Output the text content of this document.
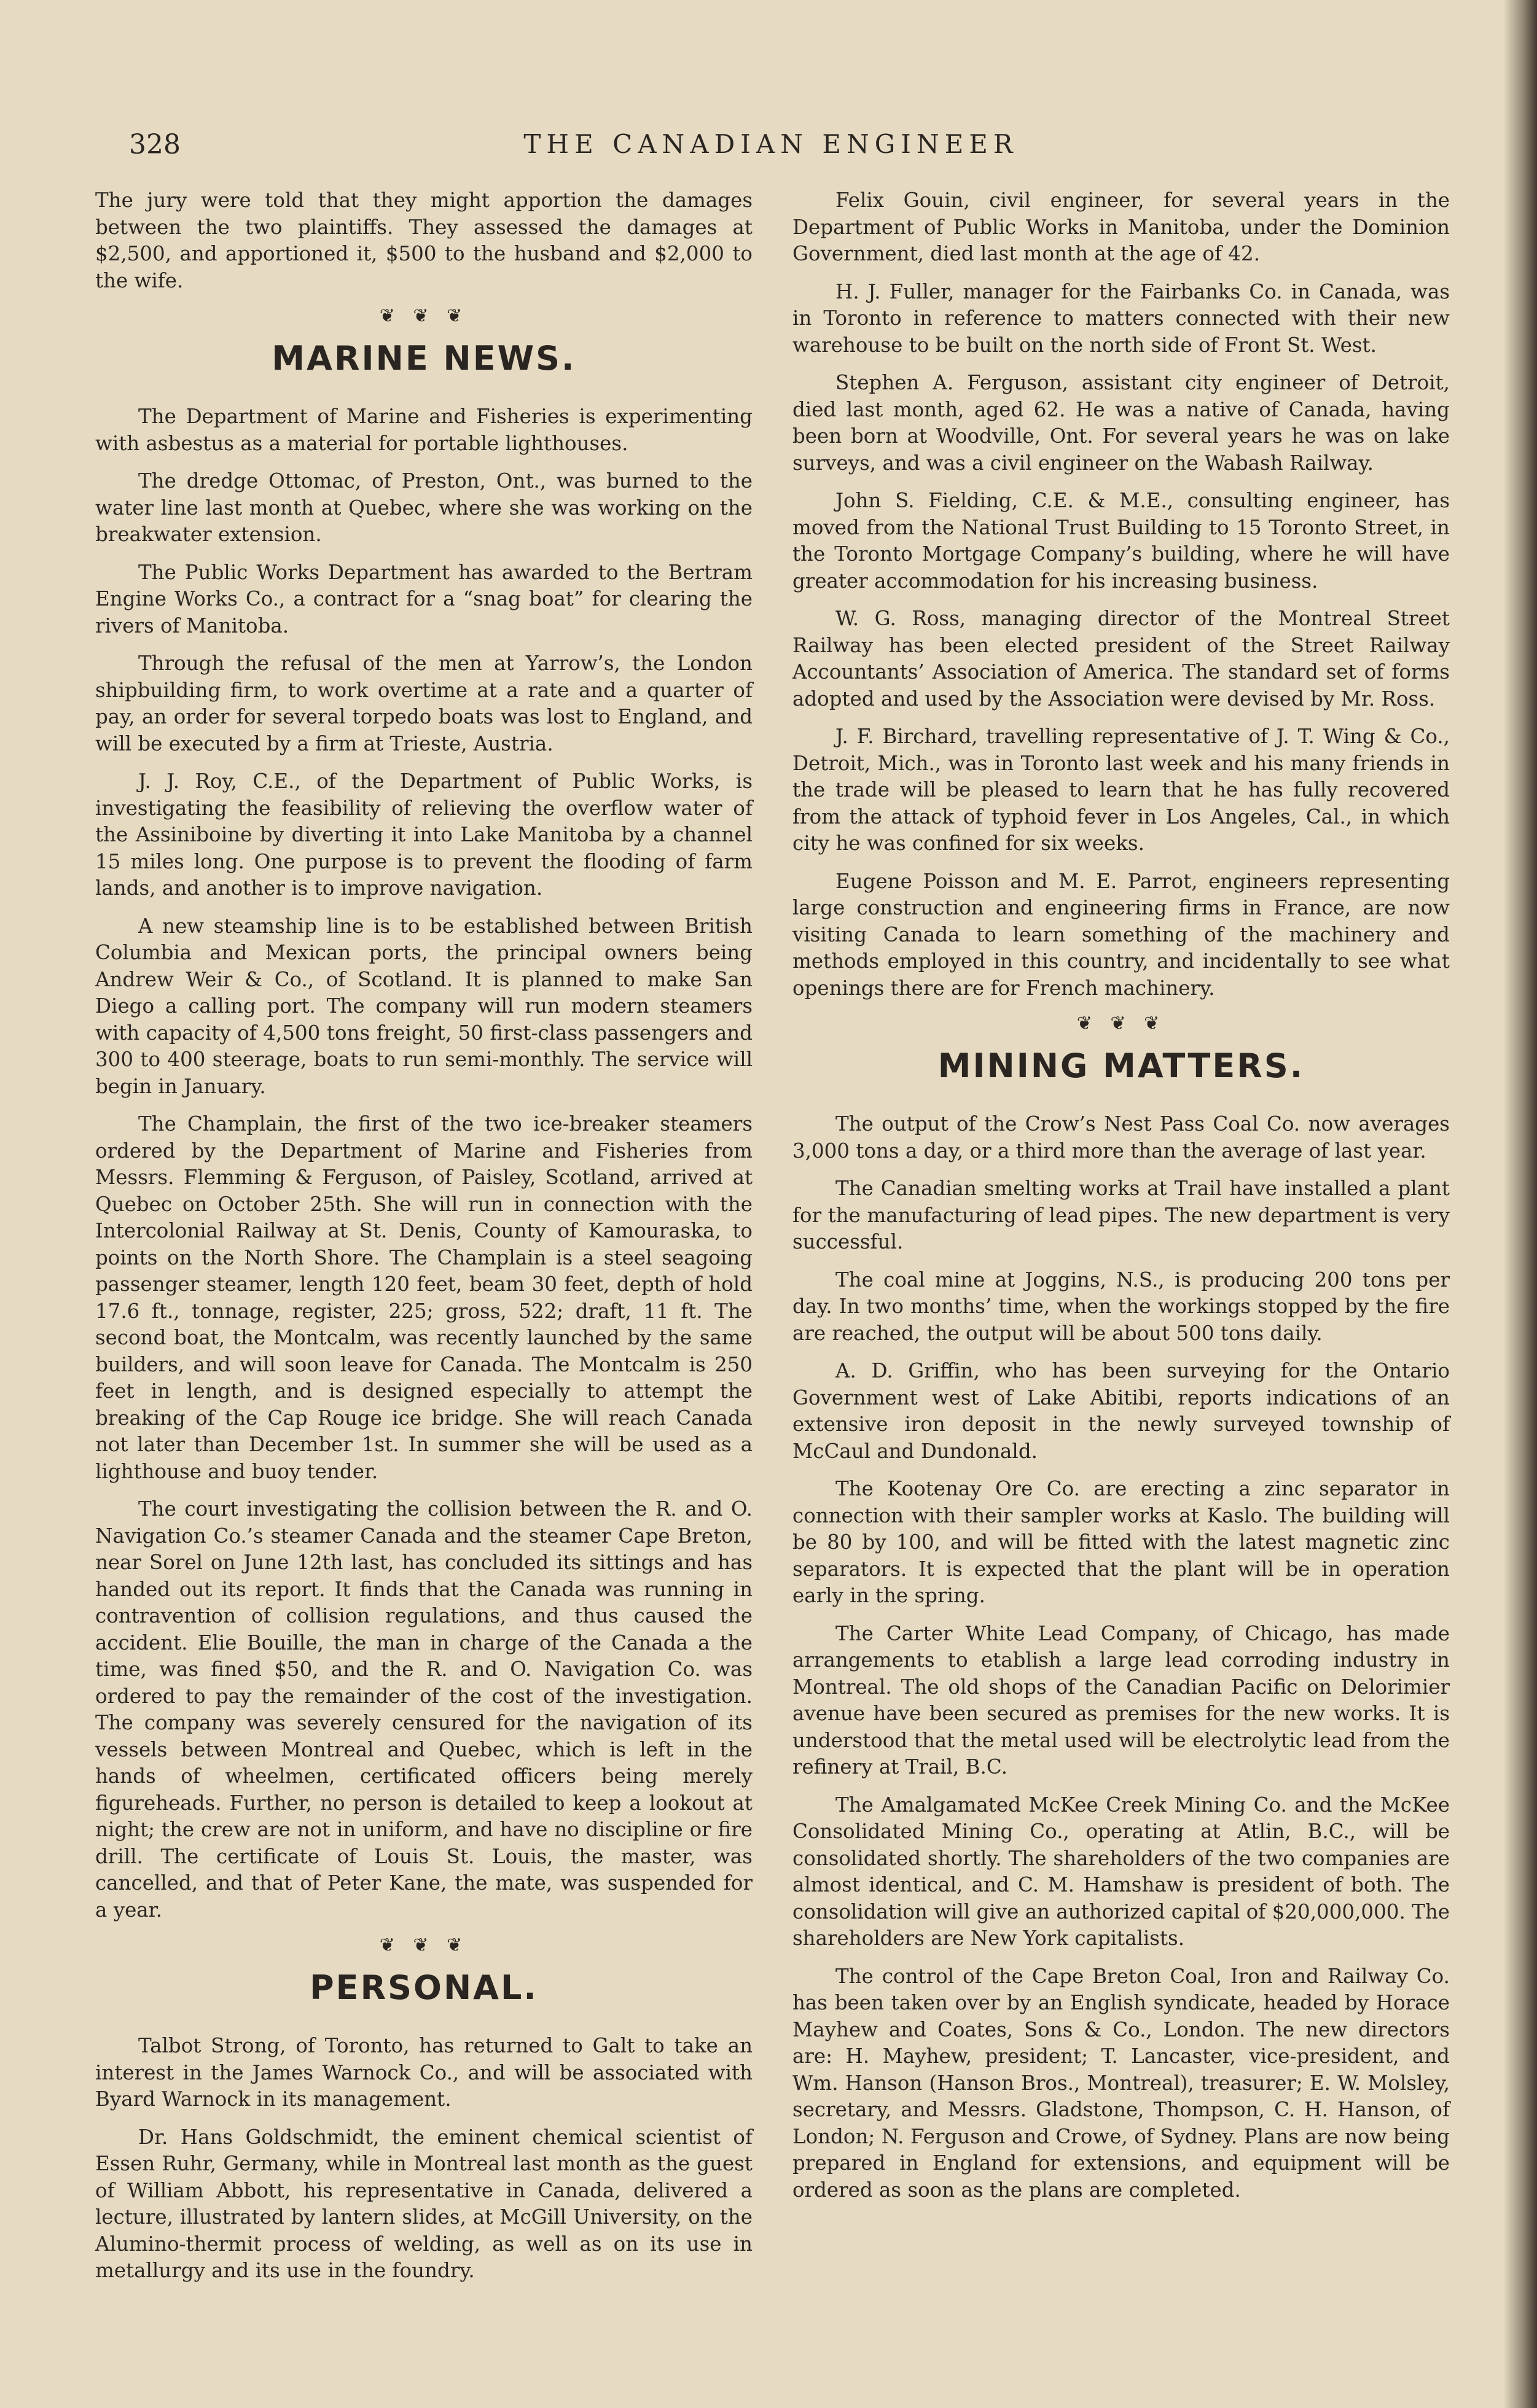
328	THE CANADIAN ENGINEER

The jury were told that they might apportion the damages between the two plaintiffs. They assessed the damages at $2,500, and apportioned it, $500 to the husband and $2,000 to the wife.

❦ ❦ ❦
MARINE NEWS.

The Department of Marine and Fisheries is experimenting with asbestus as a material for portable lighthouses.

The dredge Ottomac, of Preston, Ont., was burned to the water line last month at Quebec, where she was working on the breakwater extension.

The Public Works Department has awarded to the Bertram Engine Works Co., a contract for a “snag boat” for clearing the rivers of Manitoba.

Through the refusal of the men at Yarrow’s, the London shipbuilding firm, to work overtime at a rate and a quarter of pay, an order for several torpedo boats was lost to England, and will be executed by a firm at Trieste, Austria.

J. J. Roy, C.E., of the Department of Public Works, is investigating the feasibility of relieving the overflow water of the Assiniboine by diverting it into Lake Manitoba by a channel 15 miles long. One purpose is to prevent the flooding of farm lands, and another is to improve navigation.

A new steamship line is to be established between British Columbia and Mexican ports, the principal owners being Andrew Weir & Co., of Scotland. It is planned to make San Diego a calling port. The company will run modern steamers with capacity of 4,500 tons freight, 50 first-class passengers and 300 to 400 steerage, boats to run semi-monthly. The service will begin in January.

The Champlain, the first of the two ice-breaker steamers ordered by the Department of Marine and Fisheries from Messrs. Flemming & Ferguson, of Paisley, Scotland, arrived at Quebec on October 25th. She will run in connection with the Intercolonial Railway at St. Denis, County of Kamouraska, to points on the North Shore. The Champlain is a steel seagoing passenger steamer, length 120 feet, beam 30 feet, depth of hold 17.6 ft., tonnage, register, 225; gross, 522; draft, 11 ft. The second boat, the Montcalm, was recently launched by the same builders, and will soon leave for Canada. The Montcalm is 250 feet in length, and is designed especially to attempt the breaking of the Cap Rouge ice bridge. She will reach Canada not later than December 1st. In summer she will be used as a lighthouse and buoy tender.

The court investigating the collision between the R. and O. Navigation Co.’s steamer Canada and the steamer Cape Breton, near Sorel on June 12th last, has concluded its sittings and has handed out its report. It finds that the Canada was running in contravention of collision regulations, and thus caused the accident. Elie Bouille, the man in charge of the Canada a the time, was fined $50, and the R. and O. Navigation Co. was ordered to pay the remainder of the cost of the investigation. The company was severely censured for the navigation of its vessels between Montreal and Quebec, which is left in the hands of wheelmen, certificated officers being merely figureheads. Further, no person is detailed to keep a lookout at night; the crew are not in uniform, and have no discipline or fire drill. The certificate of Louis St. Louis, the master, was cancelled, and that of Peter Kane, the mate, was suspended for a year.

❦ ❦ ❦
PERSONAL.

Talbot Strong, of Toronto, has returned to Galt to take an interest in the James Warnock Co., and will be associated with Byard Warnock in its management.

Dr. Hans Goldschmidt, the eminent chemical scientist of Essen Ruhr, Germany, while in Montreal last month as the guest of William Abbott, his representative in Canada, delivered a lecture, illustrated by lantern slides, at McGill University, on the Alumino-thermit process of welding, as well as on its use in metallurgy and its use in the foundry.

Felix Gouin, civil engineer, for several years in the Department of Public Works in Manitoba, under the Dominion Government, died last month at the age of 42.

H. J. Fuller, manager for the Fairbanks Co. in Canada, was in Toronto in reference to matters connected with their new warehouse to be built on the north side of Front St. West.

Stephen A. Ferguson, assistant city engineer of Detroit, died last month, aged 62. He was a native of Canada, having been born at Woodville, Ont. For several years he was on lake surveys, and was a civil engineer on the Wabash Railway.

John S. Fielding, C.E. & M.E., consulting engineer, has moved from the National Trust Building to 15 Toronto Street, in the Toronto Mortgage Company’s building, where he will have greater accommodation for his increasing business.

W. G. Ross, managing director of the Montreal Street Railway has been elected president of the Street Railway Accountants’ Association of America. The standard set of forms adopted and used by the Association were devised by Mr. Ross.

J. F. Birchard, travelling representative of J. T. Wing & Co., Detroit, Mich., was in Toronto last week and his many friends in the trade will be pleased to learn that he has fully recovered from the attack of typhoid fever in Los Angeles, Cal., in which city he was confined for six weeks.

Eugene Poisson and M. E. Parrot, engineers representing large construction and engineering firms in France, are now visiting Canada to learn something of the machinery and methods employed in this country, and incidentally to see what openings there are for French machinery.

❦ ❦ ❦
MINING MATTERS.

The output of the Crow’s Nest Pass Coal Co. now averages 3,000 tons a day, or a third more than the average of last year.

The Canadian smelting works at Trail have installed a plant for the manufacturing of lead pipes. The new department is very successful.

The coal mine at Joggins, N.S., is producing 200 tons per day. In two months’ time, when the workings stopped by the fire are reached, the output will be about 500 tons daily.

A. D. Griffin, who has been surveying for the Ontario Government west of Lake Abitibi, reports indications of an extensive iron deposit in the newly surveyed township of McCaul and Dundonald.

The Kootenay Ore Co. are erecting a zinc separator in connection with their sampler works at Kaslo. The building will be 80 by 100, and will be fitted with the latest magnetic zinc separators. It is expected that the plant will be in operation early in the spring.

The Carter White Lead Company, of Chicago, has made arrangements to etablish a large lead corroding industry in Montreal. The old shops of the Canadian Pacific on Delorimier avenue have been secured as premises for the new works. It is understood that the metal used will be electrolytic lead from the refinery at Trail, B.C.

The Amalgamated McKee Creek Mining Co. and the McKee Consolidated Mining Co., operating at Atlin, B.C., will be consolidated shortly. The shareholders of the two companies are almost identical, and C. M. Hamshaw is president of both. The consolidation will give an authorized capital of $20,000,000. The shareholders are New York capitalists.

The control of the Cape Breton Coal, Iron and Railway Co. has been taken over by an English syndicate, headed by Horace Mayhew and Coates, Sons & Co., London. The new directors are: H. Mayhew, president; T. Lancaster, vice-president, and Wm. Hanson (Hanson Bros., Montreal), treasurer; E. W. Molsley, secretary, and Messrs. Gladstone, Thompson, C. H. Hanson, of London; N. Ferguson and Crowe, of Sydney. Plans are now being prepared in England for extensions, and equipment will be ordered as soon as the plans are completed.
